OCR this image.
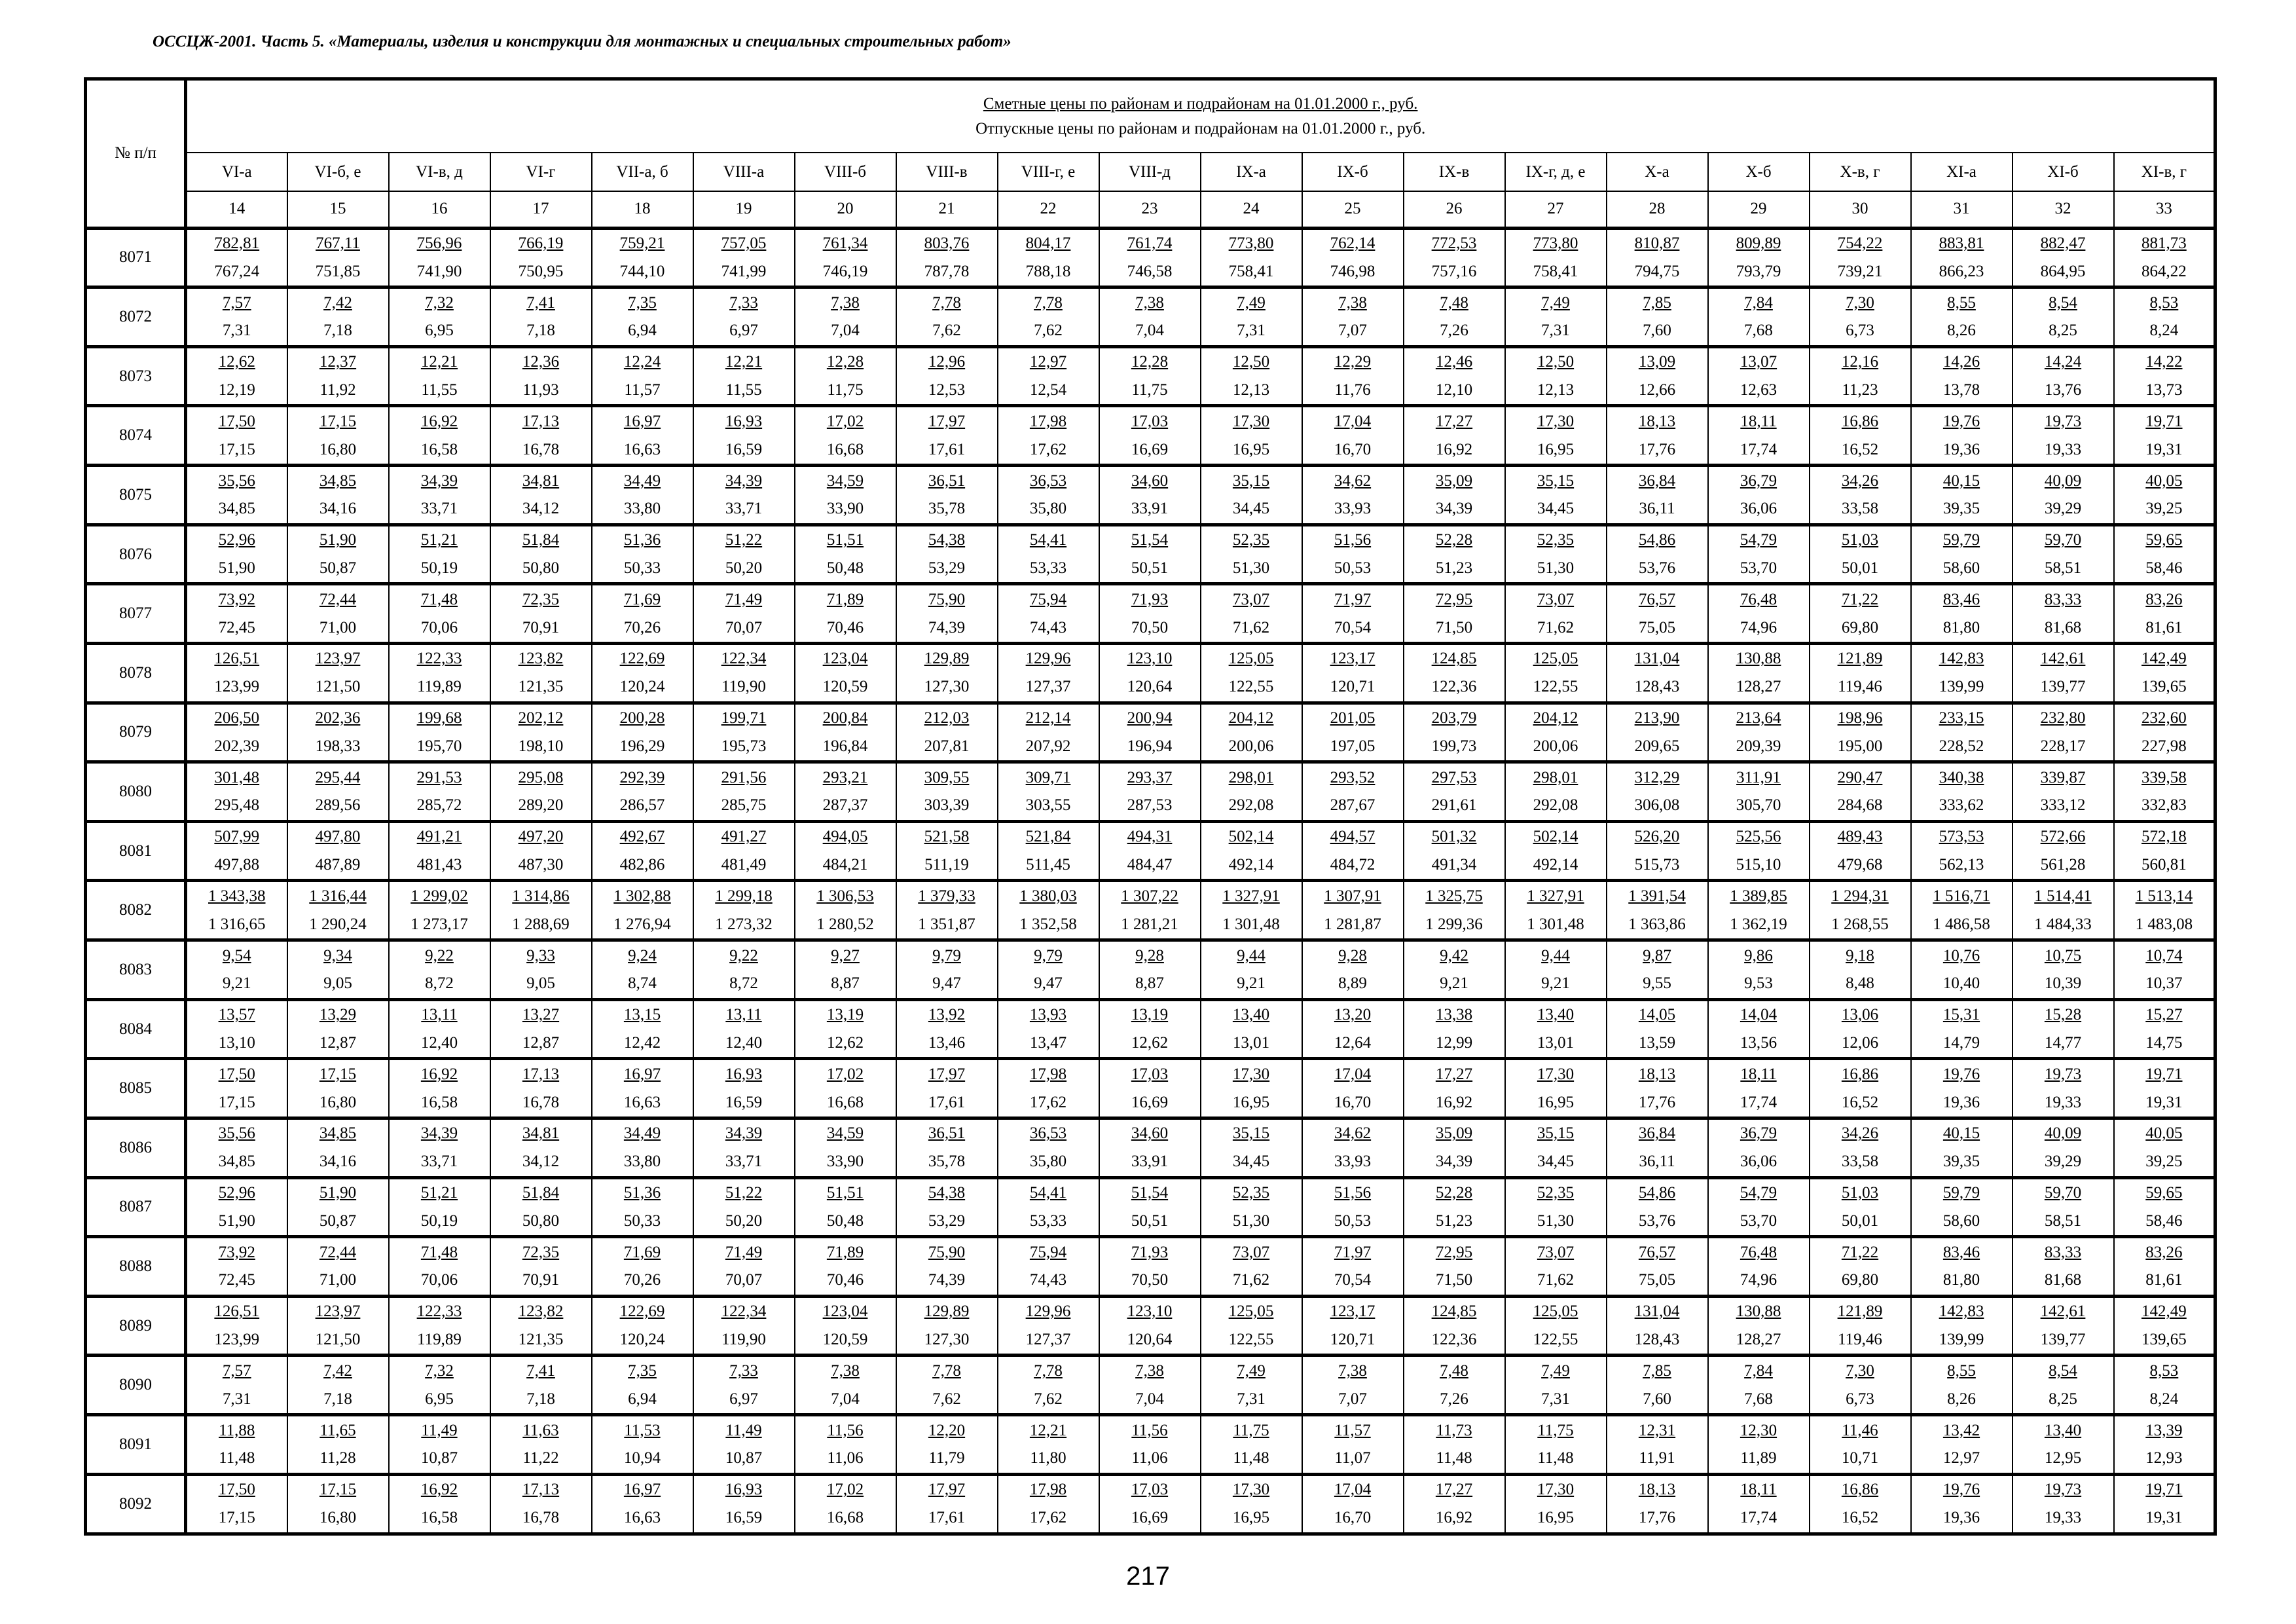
ОССЦЖ-2001. Часть 5. «Материалы, изделия и конструкции для монтажных и специальных строительных работ»
№ п/п	Сметные цены по районам и подрайонам на 01.01.2000 г., руб.
Отпускные цены по районам и подрайонам на 01.01.2000 г., руб.																			

	VI-а	VI-б, е	VI-в, д	VI-г	VII-а, б	VIII-а	VIII-б	VIII-в	VIII-г, е	VIII-д	IX-а	IX-б	IX-в	IX-г, д, е	X-а	X-б	X-в, г	XI-а	XI-б	XI-в, г
	14	15	16	17	18	19	20	21	22	23	24	25	26	27	28	29	30	31	32	33
8071	782,81	767,11	756,96	766,19	759,21	757,05	761,34	803,76	804,17	761,74	773,80	762,14	772,53	773,80	810,87	809,89	754,22	883,81	882,47	881,73
	767,24	751,85	741,90	750,95	744,10	741,99	746,19	787,78	788,18	746,58	758,41	746,98	757,16	758,41	794,75	793,79	739,21	866,23	864,95	864,22
8072	7,57	7,42	7,32	7,41	7,35	7,33	7,38	7,78	7,78	7,38	7,49	7,38	7,48	7,49	7,85	7,84	7,30	8,55	8,54	8,53
	7,31	7,18	6,95	7,18	6,94	6,97	7,04	7,62	7,62	7,04	7,31	7,07	7,26	7,31	7,60	7,68	6,73	8,26	8,25	8,24
8073	12,62	12,37	12,21	12,36	12,24	12,21	12,28	12,96	12,97	12,28	12,50	12,29	12,46	12,50	13,09	13,07	12,16	14,26	14,24	14,22
	12,19	11,92	11,55	11,93	11,57	11,55	11,75	12,53	12,54	11,75	12,13	11,76	12,10	12,13	12,66	12,63	11,23	13,78	13,76	13,73
8074	17,50	17,15	16,92	17,13	16,97	16,93	17,02	17,97	17,98	17,03	17,30	17,04	17,27	17,30	18,13	18,11	16,86	19,76	19,73	19,71
	17,15	16,80	16,58	16,78	16,63	16,59	16,68	17,61	17,62	16,69	16,95	16,70	16,92	16,95	17,76	17,74	16,52	19,36	19,33	19,31
8075	35,56	34,85	34,39	34,81	34,49	34,39	34,59	36,51	36,53	34,60	35,15	34,62	35,09	35,15	36,84	36,79	34,26	40,15	40,09	40,05
	34,85	34,16	33,71	34,12	33,80	33,71	33,90	35,78	35,80	33,91	34,45	33,93	34,39	34,45	36,11	36,06	33,58	39,35	39,29	39,25
8076	52,96	51,90	51,21	51,84	51,36	51,22	51,51	54,38	54,41	51,54	52,35	51,56	52,28	52,35	54,86	54,79	51,03	59,79	59,70	59,65
	51,90	50,87	50,19	50,80	50,33	50,20	50,48	53,29	53,33	50,51	51,30	50,53	51,23	51,30	53,76	53,70	50,01	58,60	58,51	58,46
8077	73,92	72,44	71,48	72,35	71,69	71,49	71,89	75,90	75,94	71,93	73,07	71,97	72,95	73,07	76,57	76,48	71,22	83,46	83,33	83,26
	72,45	71,00	70,06	70,91	70,26	70,07	70,46	74,39	74,43	70,50	71,62	70,54	71,50	71,62	75,05	74,96	69,80	81,80	81,68	81,61
8078	126,51	123,97	122,33	123,82	122,69	122,34	123,04	129,89	129,96	123,10	125,05	123,17	124,85	125,05	131,04	130,88	121,89	142,83	142,61	142,49
	123,99	121,50	119,89	121,35	120,24	119,90	120,59	127,30	127,37	120,64	122,55	120,71	122,36	122,55	128,43	128,27	119,46	139,99	139,77	139,65
8079	206,50	202,36	199,68	202,12	200,28	199,71	200,84	212,03	212,14	200,94	204,12	201,05	203,79	204,12	213,90	213,64	198,96	233,15	232,80	232,60
	202,39	198,33	195,70	198,10	196,29	195,73	196,84	207,81	207,92	196,94	200,06	197,05	199,73	200,06	209,65	209,39	195,00	228,52	228,17	227,98
8080	301,48	295,44	291,53	295,08	292,39	291,56	293,21	309,55	309,71	293,37	298,01	293,52	297,53	298,01	312,29	311,91	290,47	340,38	339,87	339,58
	295,48	289,56	285,72	289,20	286,57	285,75	287,37	303,39	303,55	287,53	292,08	287,67	291,61	292,08	306,08	305,70	284,68	333,62	333,12	332,83
8081	507,99	497,80	491,21	497,20	492,67	491,27	494,05	521,58	521,84	494,31	502,14	494,57	501,32	502,14	526,20	525,56	489,43	573,53	572,66	572,18
	497,88	487,89	481,43	487,30	482,86	481,49	484,21	511,19	511,45	484,47	492,14	484,72	491,34	492,14	515,73	515,10	479,68	562,13	561,28	560,81
8082	1 343,38	1 316,44	1 299,02	1 314,86	1 302,88	1 299,18	1 306,53	1 379,33	1 380,03	1 307,22	1 327,91	1 307,91	1 325,75	1 327,91	1 391,54	1 389,85	1 294,31	1 516,71	1 514,41	1 513,14
	1 316,65	1 290,24	1 273,17	1 288,69	1 276,94	1 273,32	1 280,52	1 351,87	1 352,58	1 281,21	1 301,48	1 281,87	1 299,36	1 301,48	1 363,86	1 362,19	1 268,55	1 486,58	1 484,33	1 483,08
8083	9,54	9,34	9,22	9,33	9,24	9,22	9,27	9,79	9,79	9,28	9,44	9,28	9,42	9,44	9,87	9,86	9,18	10,76	10,75	10,74
	9,21	9,05	8,72	9,05	8,74	8,72	8,87	9,47	9,47	8,87	9,21	8,89	9,21	9,21	9,55	9,53	8,48	10,40	10,39	10,37
8084	13,57	13,29	13,11	13,27	13,15	13,11	13,19	13,92	13,93	13,19	13,40	13,20	13,38	13,40	14,05	14,04	13,06	15,31	15,28	15,27
	13,10	12,87	12,40	12,87	12,42	12,40	12,62	13,46	13,47	12,62	13,01	12,64	12,99	13,01	13,59	13,56	12,06	14,79	14,77	14,75
8085	17,50	17,15	16,92	17,13	16,97	16,93	17,02	17,97	17,98	17,03	17,30	17,04	17,27	17,30	18,13	18,11	16,86	19,76	19,73	19,71
	17,15	16,80	16,58	16,78	16,63	16,59	16,68	17,61	17,62	16,69	16,95	16,70	16,92	16,95	17,76	17,74	16,52	19,36	19,33	19,31
8086	35,56	34,85	34,39	34,81	34,49	34,39	34,59	36,51	36,53	34,60	35,15	34,62	35,09	35,15	36,84	36,79	34,26	40,15	40,09	40,05
	34,85	34,16	33,71	34,12	33,80	33,71	33,90	35,78	35,80	33,91	34,45	33,93	34,39	34,45	36,11	36,06	33,58	39,35	39,29	39,25
8087	52,96	51,90	51,21	51,84	51,36	51,22	51,51	54,38	54,41	51,54	52,35	51,56	52,28	52,35	54,86	54,79	51,03	59,79	59,70	59,65
	51,90	50,87	50,19	50,80	50,33	50,20	50,48	53,29	53,33	50,51	51,30	50,53	51,23	51,30	53,76	53,70	50,01	58,60	58,51	58,46
8088	73,92	72,44	71,48	72,35	71,69	71,49	71,89	75,90	75,94	71,93	73,07	71,97	72,95	73,07	76,57	76,48	71,22	83,46	83,33	83,26
	72,45	71,00	70,06	70,91	70,26	70,07	70,46	74,39	74,43	70,50	71,62	70,54	71,50	71,62	75,05	74,96	69,80	81,80	81,68	81,61
8089	126,51	123,97	122,33	123,82	122,69	122,34	123,04	129,89	129,96	123,10	125,05	123,17	124,85	125,05	131,04	130,88	121,89	142,83	142,61	142,49
	123,99	121,50	119,89	121,35	120,24	119,90	120,59	127,30	127,37	120,64	122,55	120,71	122,36	122,55	128,43	128,27	119,46	139,99	139,77	139,65
8090	7,57	7,42	7,32	7,41	7,35	7,33	7,38	7,78	7,78	7,38	7,49	7,38	7,48	7,49	7,85	7,84	7,30	8,55	8,54	8,53
	7,31	7,18	6,95	7,18	6,94	6,97	7,04	7,62	7,62	7,04	7,31	7,07	7,26	7,31	7,60	7,68	6,73	8,26	8,25	8,24
8091	11,88	11,65	11,49	11,63	11,53	11,49	11,56	12,20	12,21	11,56	11,75	11,57	11,73	11,75	12,31	12,30	11,46	13,42	13,40	13,39
	11,48	11,28	10,87	11,22	10,94	10,87	11,06	11,79	11,80	11,06	11,48	11,07	11,48	11,48	11,91	11,89	10,71	12,97	12,95	12,93
8092	17,50	17,15	16,92	17,13	16,97	16,93	17,02	17,97	17,98	17,03	17,30	17,04	17,27	17,30	18,13	18,11	16,86	19,76	19,73	19,71
	17,15	16,80	16,58	16,78	16,63	16,59	16,68	17,61	17,62	16,69	16,95	16,70	16,92	16,95	17,76	17,74	16,52	19,36	19,33	19,31
217
